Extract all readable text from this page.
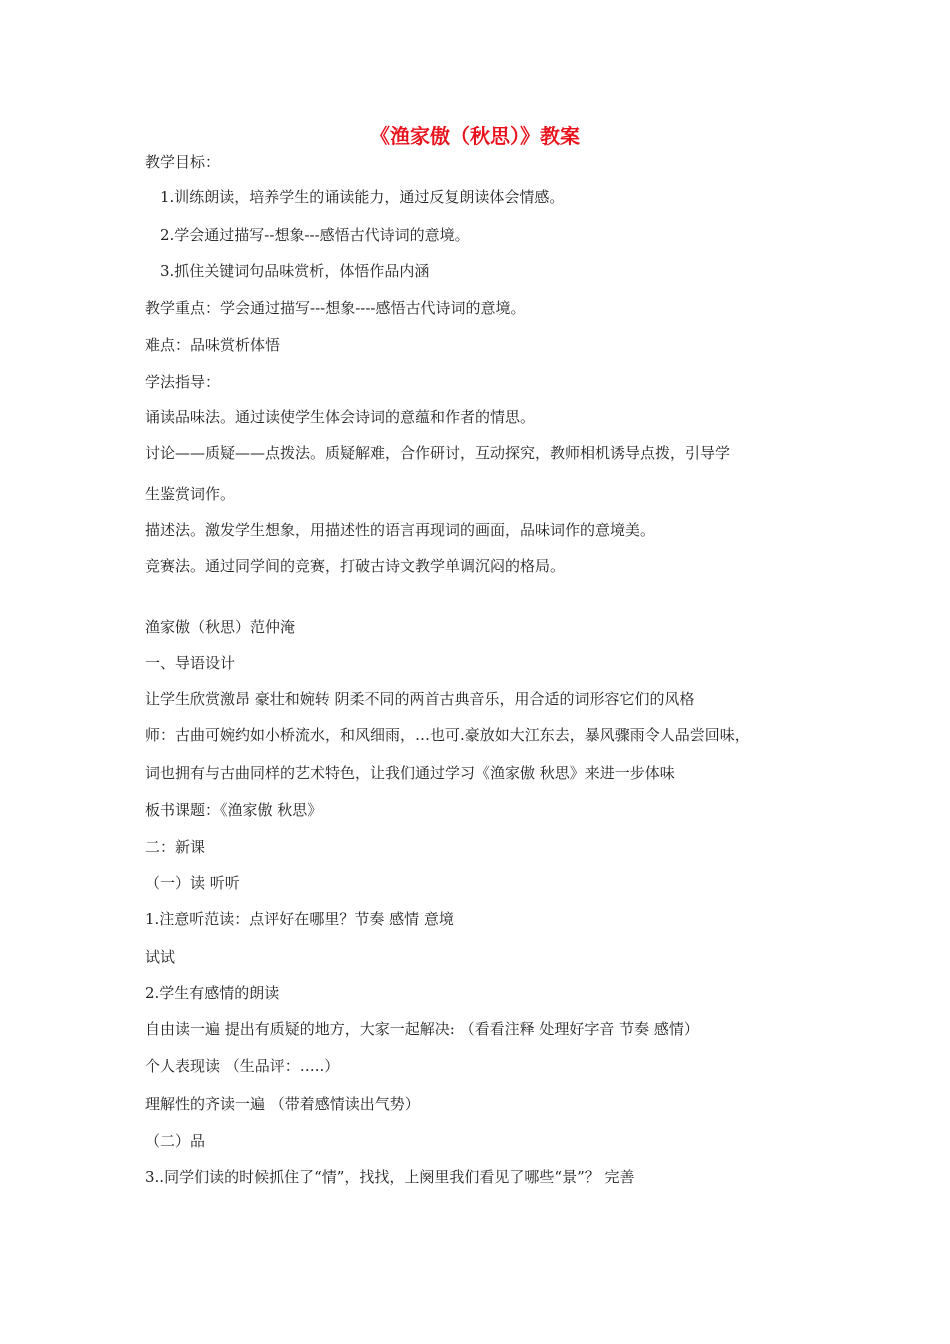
《渔家傲（秋思）》教案
教学目标：
1.训练朗读，培养学生的诵读能力，通过反复朗读体会情感。
2.学会通过描写--想象---感悟古代诗词的意境。
3.抓住关键词句品味赏析，体悟作品内涵
教学重点：学会通过描写---想象----感悟古代诗词的意境。
难点：品味赏析体悟
学法指导：
诵读品味法。通过读使学生体会诗词的意蕴和作者的情思。
讨论——质疑——点拨法。质疑解难，合作研讨，互动探究，教师相机诱导点拨，引导学
生鉴赏词作。
描述法。激发学生想象，用描述性的语言再现词的画面，品味词作的意境美。
竞赛法。通过同学间的竞赛，打破古诗文教学单调沉闷的格局。
渔家傲（秋思）范仲淹
一、导语设计
让学生欣赏激昂 豪壮和婉转 阴柔不同的两首古典音乐，用合适的词形容它们的风格
师：古曲可婉约如小桥流水，和风细雨，…也可.豪放如大江东去，暴风骤雨令人品尝回味，
词也拥有与古曲同样的艺术特色，让我们通过学习《渔家傲 秋思》来进一步体味
板书课题：《渔家傲 秋思》
二：新课
（一）读 听听
1.注意听范读：点评好在哪里？节奏 感情 意境
试试
2.学生有感情的朗读
自由读一遍 提出有质疑的地方，大家一起解决: （看看注释 处理好字音 节奏 感情）
个人表现读 （生品评：…..）
理解性的齐读一遍 （带着感情读出气势）
（二）品
3..同学们读的时候抓住了“情”，找找，上阕里我们看见了哪些“景”？ 完善
